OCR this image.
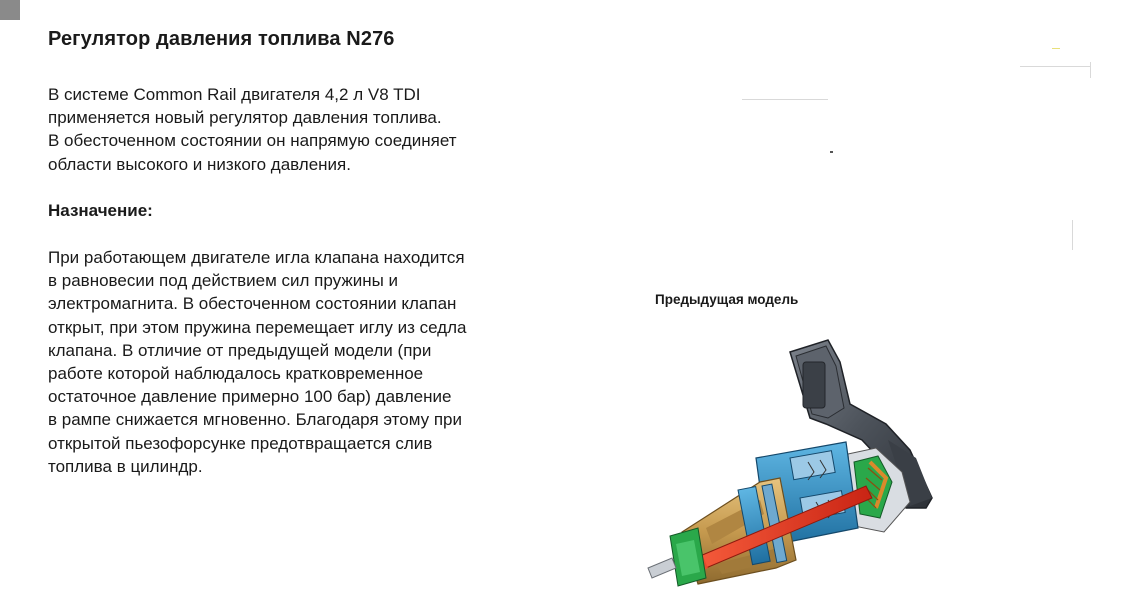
Регулятор давления топлива N276
В системе Common Rail двигателя 4,2 л V8 TDI
применяется новый регулятор давления топлива.
В обесточенном состоянии он напрямую соединяет
области высокого и низкого давления.
Назначение:
При работающем двигателе игла клапана находится
в равновесии под действием сил пружины и
электромагнита. В обесточенном состоянии клапан
открыт, при этом пружина перемещает иглу из седла
клапана. В отличие от предыдущей модели (при
работе которой наблюдалось кратковременное
остаточное давление примерно 100 бар) давление
в рампе снижается мгновенно. Благодаря этому при
открытой пьезофорсунке предотвращается слив
топлива в цилиндр.
Предыдущая модель
